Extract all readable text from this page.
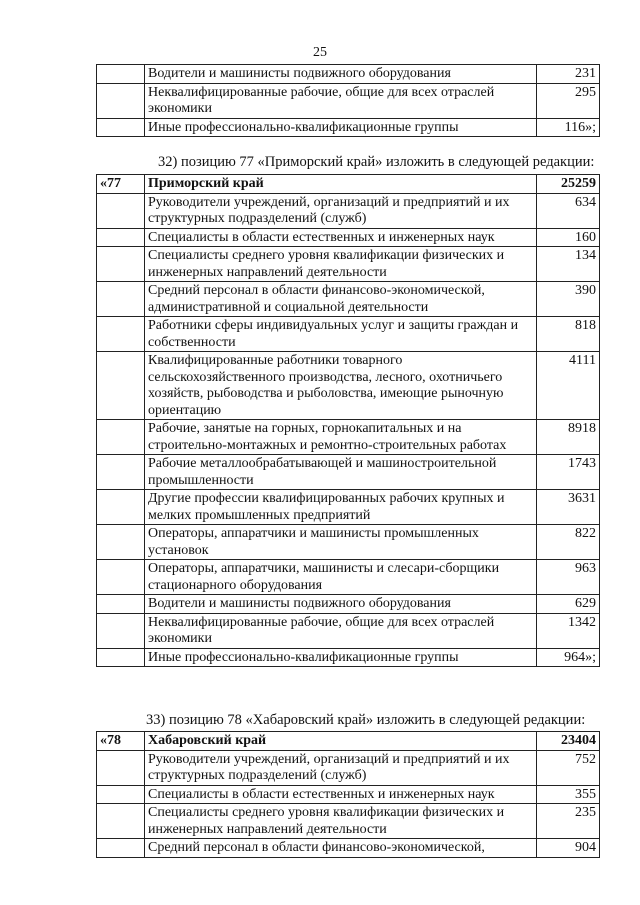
25
	Водители и машинисты подвижного оборудования	231
	Неквалифицированные рабочие, общие для всех отраслей экономики	295
	Иные профессионально-квалификационные группы	116»;
32) позицию 77 «Приморский край» изложить в следующей редакции:
«77	Приморский край	25259
	Руководители учреждений, организаций и предприятий и их структурных подразделений (служб)	634
	Специалисты в области естественных и инженерных наук	160
	Специалисты среднего уровня квалификации физических и инженерных направлений деятельности	134
	Средний персонал в области финансово-экономической, административной и социальной деятельности	390
	Работники сферы индивидуальных услуг и защиты граждан и собственности	818
	Квалифицированные работники товарного сельскохозяйственного производства, лесного, охотничьего хозяйств, рыбоводства и рыболовства, имеющие рыночную ориентацию	4111
	Рабочие, занятые на горных, горнокапитальных и на строительно-монтажных и ремонтно-строительных работах	8918
	Рабочие металлообрабатывающей и машиностроительной промышленности	1743
	Другие профессии квалифицированных рабочих крупных и мелких промышленных предприятий	3631
	Операторы, аппаратчики и машинисты промышленных установок	822
	Операторы, аппаратчики, машинисты и слесари-сборщики стационарного оборудования	963
	Водители и машинисты подвижного оборудования	629
	Неквалифицированные рабочие, общие для всех отраслей экономики	1342
	Иные профессионально-квалификационные группы	964»;
33) позицию 78 «Хабаровский край» изложить в следующей редакции:
«78	Хабаровский край	23404
	Руководители учреждений, организаций и предприятий и их структурных подразделений (служб)	752
	Специалисты в области естественных и инженерных наук	355
	Специалисты среднего уровня квалификации физических и инженерных направлений деятельности	235
	Средний персонал в области финансово-экономической,	904
